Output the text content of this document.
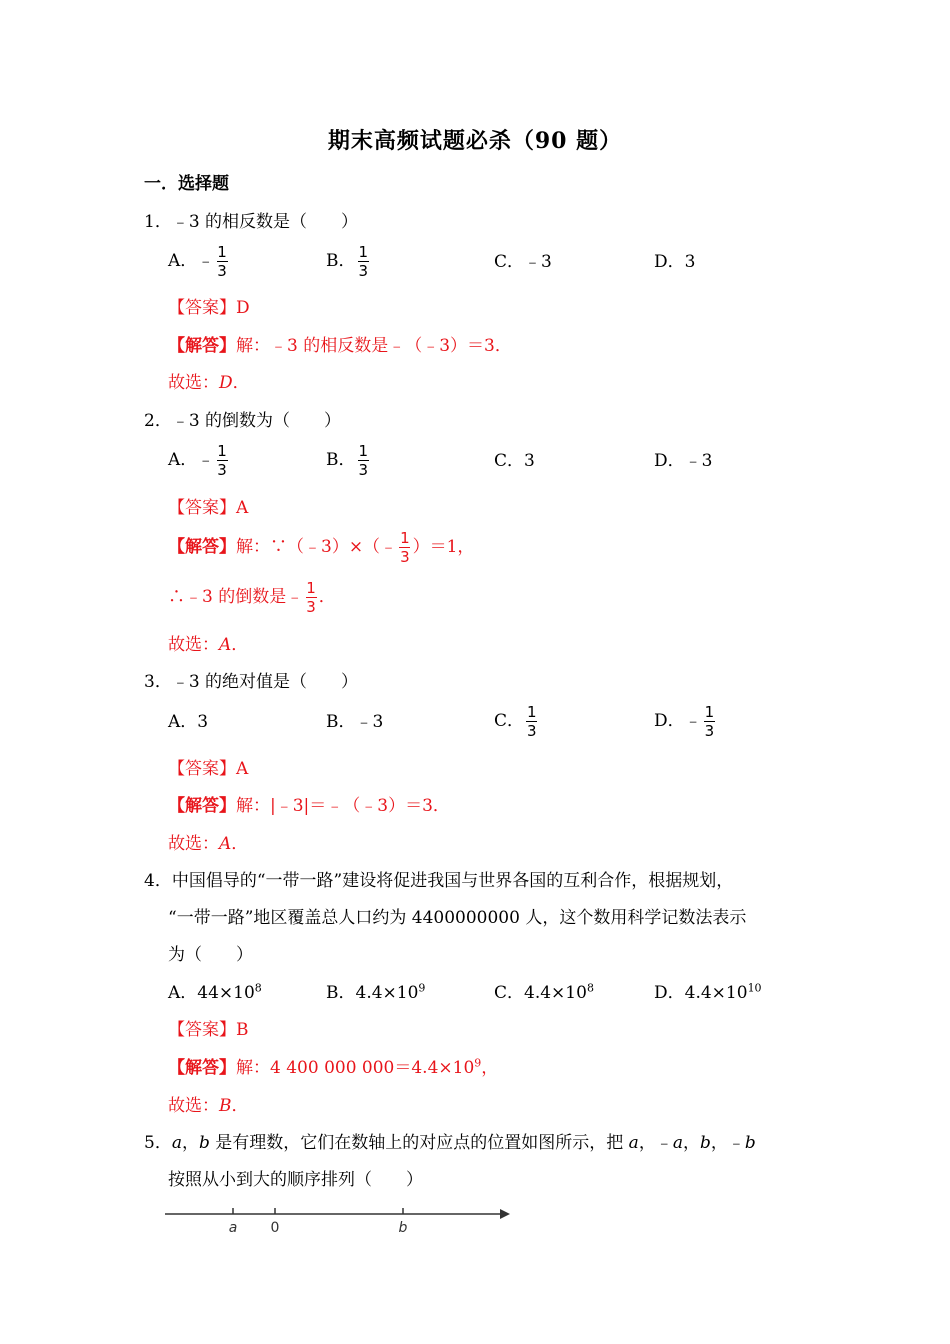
期末高频试题必杀（90 题）
一．选择题
1．﹣3 的相反数是（　　）
A．﹣ $\frac{1}{3}$	B． $\frac{1}{3}$	C．﹣3	D．3
【答案】D
【解答】解：﹣3 的相反数是﹣（﹣3）＝3．
故选：D．
2．﹣3 的倒数为（　　）
A．﹣ $\frac{1}{3}$	B． $\frac{1}{3}$	C．3	D．﹣3
【答案】A
【解答】解：∵（﹣3）×（﹣ $\frac{1}{3} )=1$，
∴﹣3 的倒数是﹣ $\frac{1}{3}$ ．
故选：A．
3．﹣3 的绝对值是（　　）
A．3	B．﹣3	C． $\frac{1}{3}$	D．﹣ $\frac{1}{3}$
【答案】A
【解答】解：|﹣3|＝﹣（﹣3）＝3．
故选：A．
4．中国倡导的“一带一路”建设将促进我国与世界各国的互利合作，根据规划，
“一带一路”地区覆盖总人口约为 4400000000 人，这个数用科学记数法表示
为（　　）
A．$44\times 10^8$	B．$4.4\times 10^9$	C．$4.4\times 10^8$	D．$4.4\times 10^{10}$
【答案】B
【解答】解：4 400 000 $000=4.4\times 10^9$，
故选：B．
5．a，b 是有理数，它们在数轴上的对应点的位置如图所示，把 a，﹣a，b，﹣b
按照从小到大的顺序排列（　　）
a 0	b
